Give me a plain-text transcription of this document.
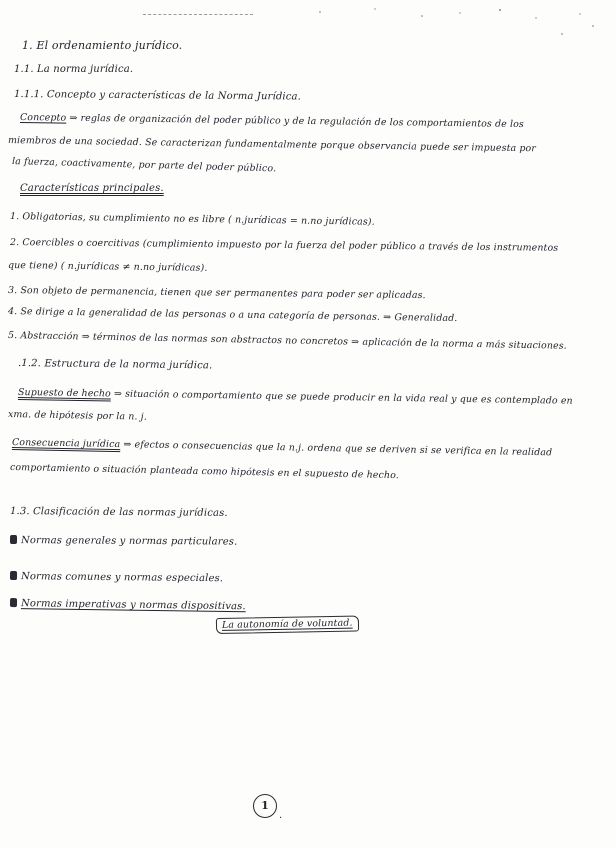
1. El ordenamiento jurídico.
1.1. La norma jurídica.
1.1.1. Concepto y características de la Norma Jurídica.
Concepto ⇒ reglas de organización del poder público y de la regulación de los comportamientos de los
miembros de una sociedad. Se caracterizan fundamentalmente porque observancia puede ser impuesta por
la fuerza, coactivamente, por parte del poder público.
Características principales.
1. Obligatorias, su cumplimiento no es libre ( n.jurídicas = n.no jurídicas).
2. Coercibles o coercitivas (cumplimiento impuesto por la fuerza del poder público a través de los instrumentos
que tiene) ( n.jurídicas ≠ n.no jurídicas).
3. Son objeto de permanencia, tienen que ser permanentes para poder ser aplicadas.
4. Se dirige a la generalidad de las personas o a una categoría de personas. ⇒ Generalidad.
5. Abstracción ⇒ términos de las normas son abstractos no concretos ⇒ aplicación de la norma a más situaciones.
.1.2. Estructura de la norma jurídica.
Supuesto de hecho ⇒ situación o comportamiento que se puede producir en la vida real y que es contemplado en
xma. de hipótesis por la n. j.
Consecuencia jurídica ⇒ efectos o consecuencias que la n.j. ordena que se deriven si se verifica en la realidad
comportamiento o situación planteada como hipótesis en el supuesto de hecho.
1.3. Clasificación de las normas jurídicas.
Normas generales y normas particulares.
Normas comunes y normas especiales.
Normas imperativas y normas dispositivas.
La autonomía de voluntad.
1
.
